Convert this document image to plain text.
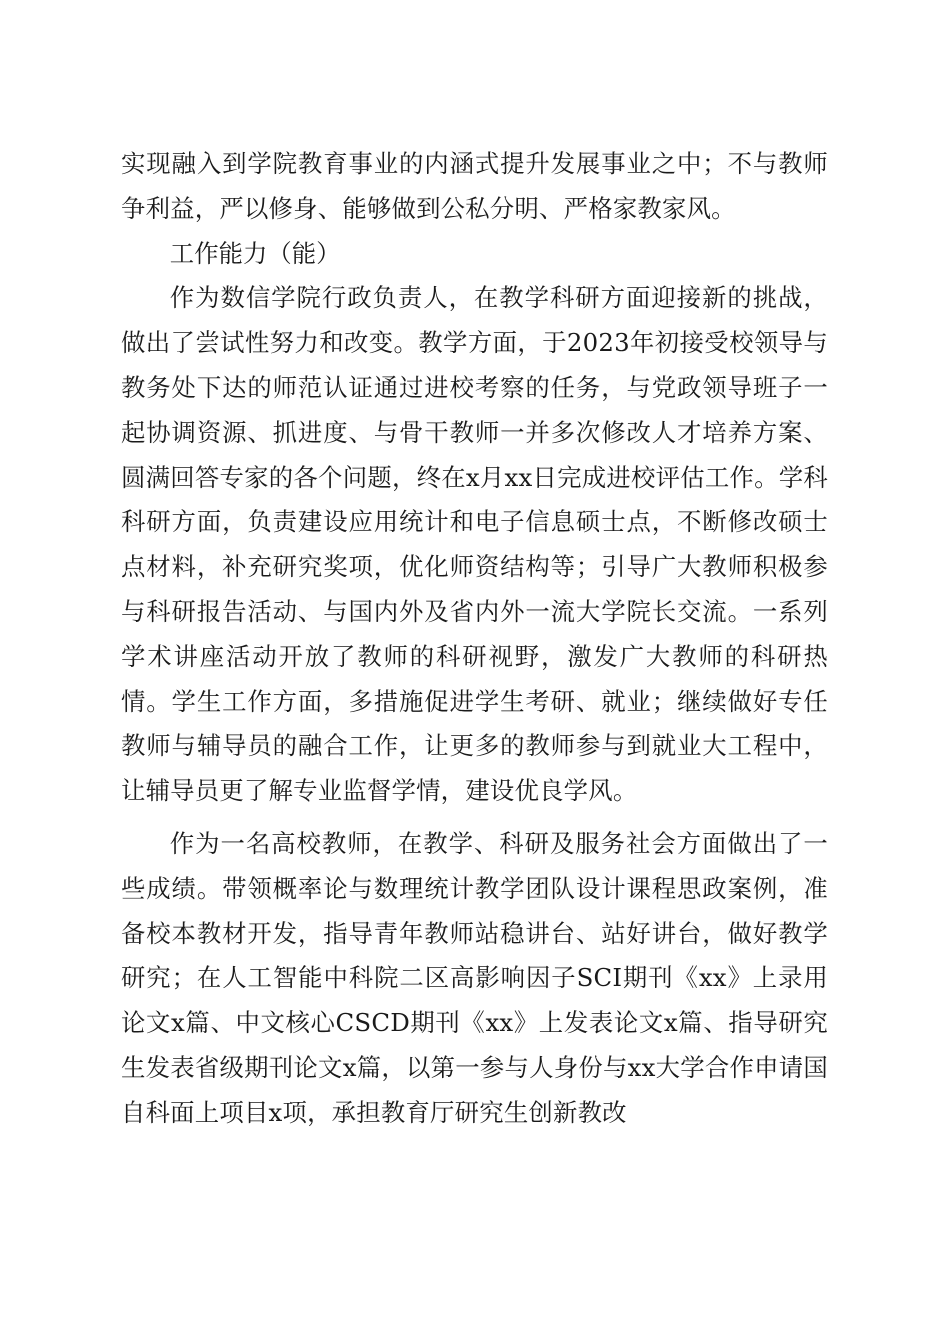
实现融入到学院教育事业的内涵式提升发展事业之中；不与教师争利益，严以修身、能够做到公私分明、严格家教家风。

工作能力（能）

作为数信学院行政负责人，在教学科研方面迎接新的挑战，做出了尝试性努力和改变。教学方面，于2023年初接受校领导与教务处下达的师范认证通过进校考察的任务，与党政领导班子一起协调资源、抓进度、与骨干教师一并多次修改人才培养方案、圆满回答专家的各个问题，终在x月xx日完成进校评估工作。学科科研方面，负责建设应用统计和电子信息硕士点，不断修改硕士点材料，补充研究奖项，优化师资结构等；引导广大教师积极参与科研报告活动、与国内外及省内外一流大学院长交流。一系列学术讲座活动开放了教师的科研视野，激发广大教师的科研热情。学生工作方面，多措施促进学生考研、就业；继续做好专任教师与辅导员的融合工作，让更多的教师参与到就业大工程中，让辅导员更了解专业监督学情，建设优良学风。

作为一名高校教师，在教学、科研及服务社会方面做出了一些成绩。带领概率论与数理统计教学团队设计课程思政案例，准备校本教材开发，指导青年教师站稳讲台、站好讲台，做好教学研究；在人工智能中科院二区高影响因子SCI期刊《xx》上录用论文x篇、中文核心CSCD期刊《xx》上发表论文x篇、指导研究生发表省级期刊论文x篇，以第一参与人身份与xx大学合作申请国自科面上项目x项，承担教育厅研究生创新教改
